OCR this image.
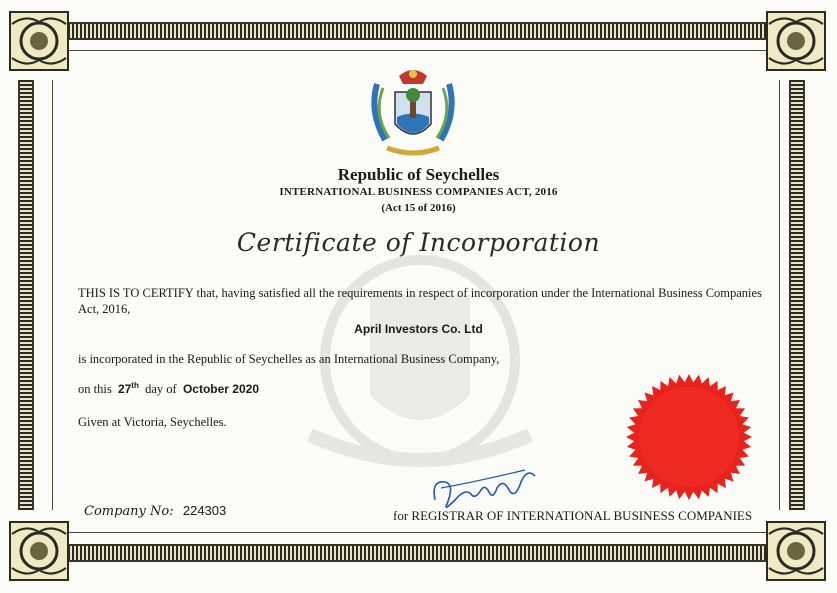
Republic of Seychelles
INTERNATIONAL BUSINESS COMPANIES ACT, 2016
(Act 15 of 2016)
Certificate of Incorporation
THIS IS TO CERTIFY that, having satisfied all the requirements in respect of incorporation under the International Business Companies Act, 2016,
April Investors Co. Ltd
is incorporated in the Republic of Seychelles as an International Business Company,
on this 27th day of October 2020
Given at Victoria, Seychelles.
Company No: 224303	for REGISTRAR OF INTERNATIONAL BUSINESS COMPANIES
